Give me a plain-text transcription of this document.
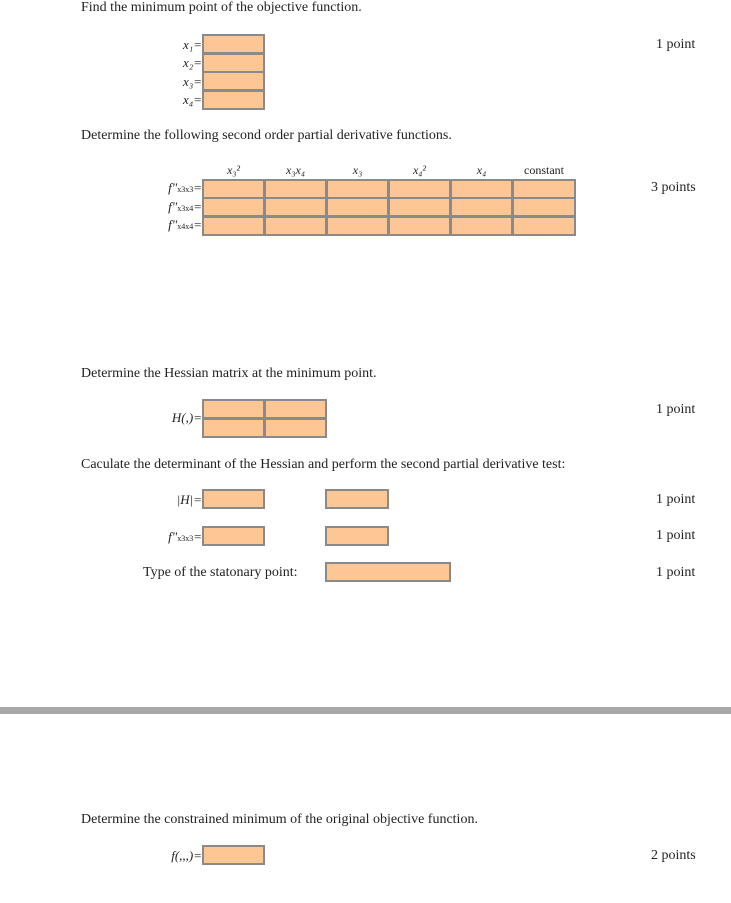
Find the minimum point of the objective function.
1 point
x₁=
x₂=
x₃=
x₄=
Determine the following second order partial derivative functions.
3 points
x₃²	x₃x₄	x₃	x₄²	x₄	constant
f"x3x3=
f"x3x4=
f"x4x4=
Determine the Hessian matrix at the minimum point.
1 point
H(,)=
Caculate the determinant of the Hessian and perform the second partial derivative test:
|H|=	1 point
f"x3x3=	1 point
Type of the statonary point:	1 point
Determine the constrained minimum of the original objective function.
f(,,,)=	2 points
